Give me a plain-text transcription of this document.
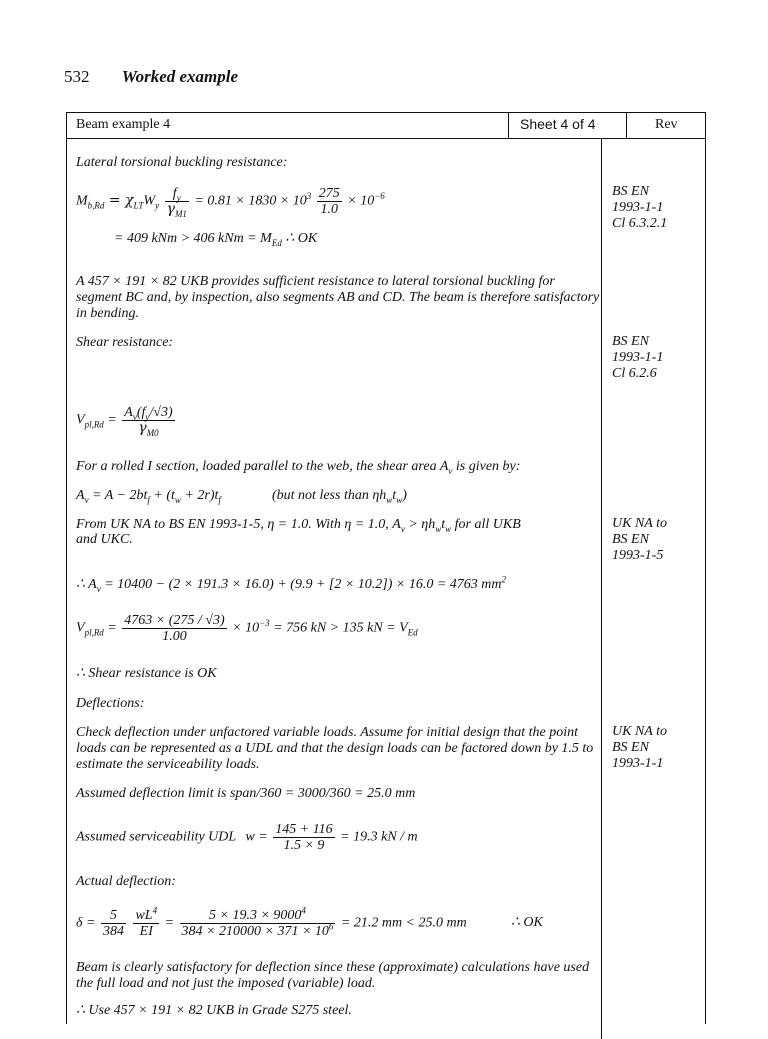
532 Worked example
Beam example 4	Sheet 4 of 4	Rev
Lateral torsional buckling resistance:
$M_{b,Rd} = \chi_{LT}W_y \frac{f_y}{\gamma_{M1}} = 0.81 \times 1830 \times 10^3 \frac{275}{1.0} \times 10^{-6}$
= 409 kNm > 406 kNm = $M_{Ed}$ ∴ OK
A 457 × 191 × 82 UKB provides sufficient resistance to lateral torsional buckling for segment BC and, by inspection, also segments AB and CD. The beam is therefore satisfactory in bending.
BS EN
1993-1-1
Cl 6.3.2.1
Shear resistance:	BS EN
1993-1-1
Cl 6.2.6
$V_{pl,Rd} = \frac{A_v(f_y/√3)}{\gamma_{M0}}$
For a rolled I section, loaded parallel to the web, the shear area $A_v$ is given by:
$A_v = A - 2bt_f + (t_w + 2r)t_f$	(but not less than $\eta h_wt_w$)
From UK NA to BS EN 1993-1-5, η = 1.0. With η = 1.0, $A_v > \eta h_wt_w$ for all UKB
and UKC.
UK NA to
BS EN
1993-1-5
∴ $A_v = 10400 - (2 \times 191.3 \times 16.0) + (9.9 + [2 \times 10.2]) \times 16.0 = 4763$ $mm^2$
$V_{pl,Rd} = \frac{4763 \times (275 / √3)}{1.00} \times 10^{-3} = 756$ kN > 135 kN = $V_{Ed}$
∴ Shear resistance is OK
Deflections:
Check deflection under unfactored variable loads. Assume for initial design that the point loads can be represented as a UDL and that the design loads can be factored down by 1.5 to estimate the serviceability loads.
UK NA to
BS EN
1993-1-1
Assumed deflection limit is span/360 = 3000/360 = 25.0 mm
Assumed serviceability UDL $w = \frac{145 + 116}{1.5 \times 9} = 19.3$ kN / m
Actual deflection:
$\delta = \frac{5}{384}$
$\frac{wL^4}{EI} = \frac{5 \times 19.3 \times 9000^4}{384 \times 210000 \times 371 \times 10^6} = 21.2$ mm < 25.0 mm	∴ OK
Beam is clearly satisfactory for deflection since these (approximate) calculations have used the full load and not just the imposed (variable) load.
∴ Use 457 × 191 × 82 UKB in Grade S275 steel.
